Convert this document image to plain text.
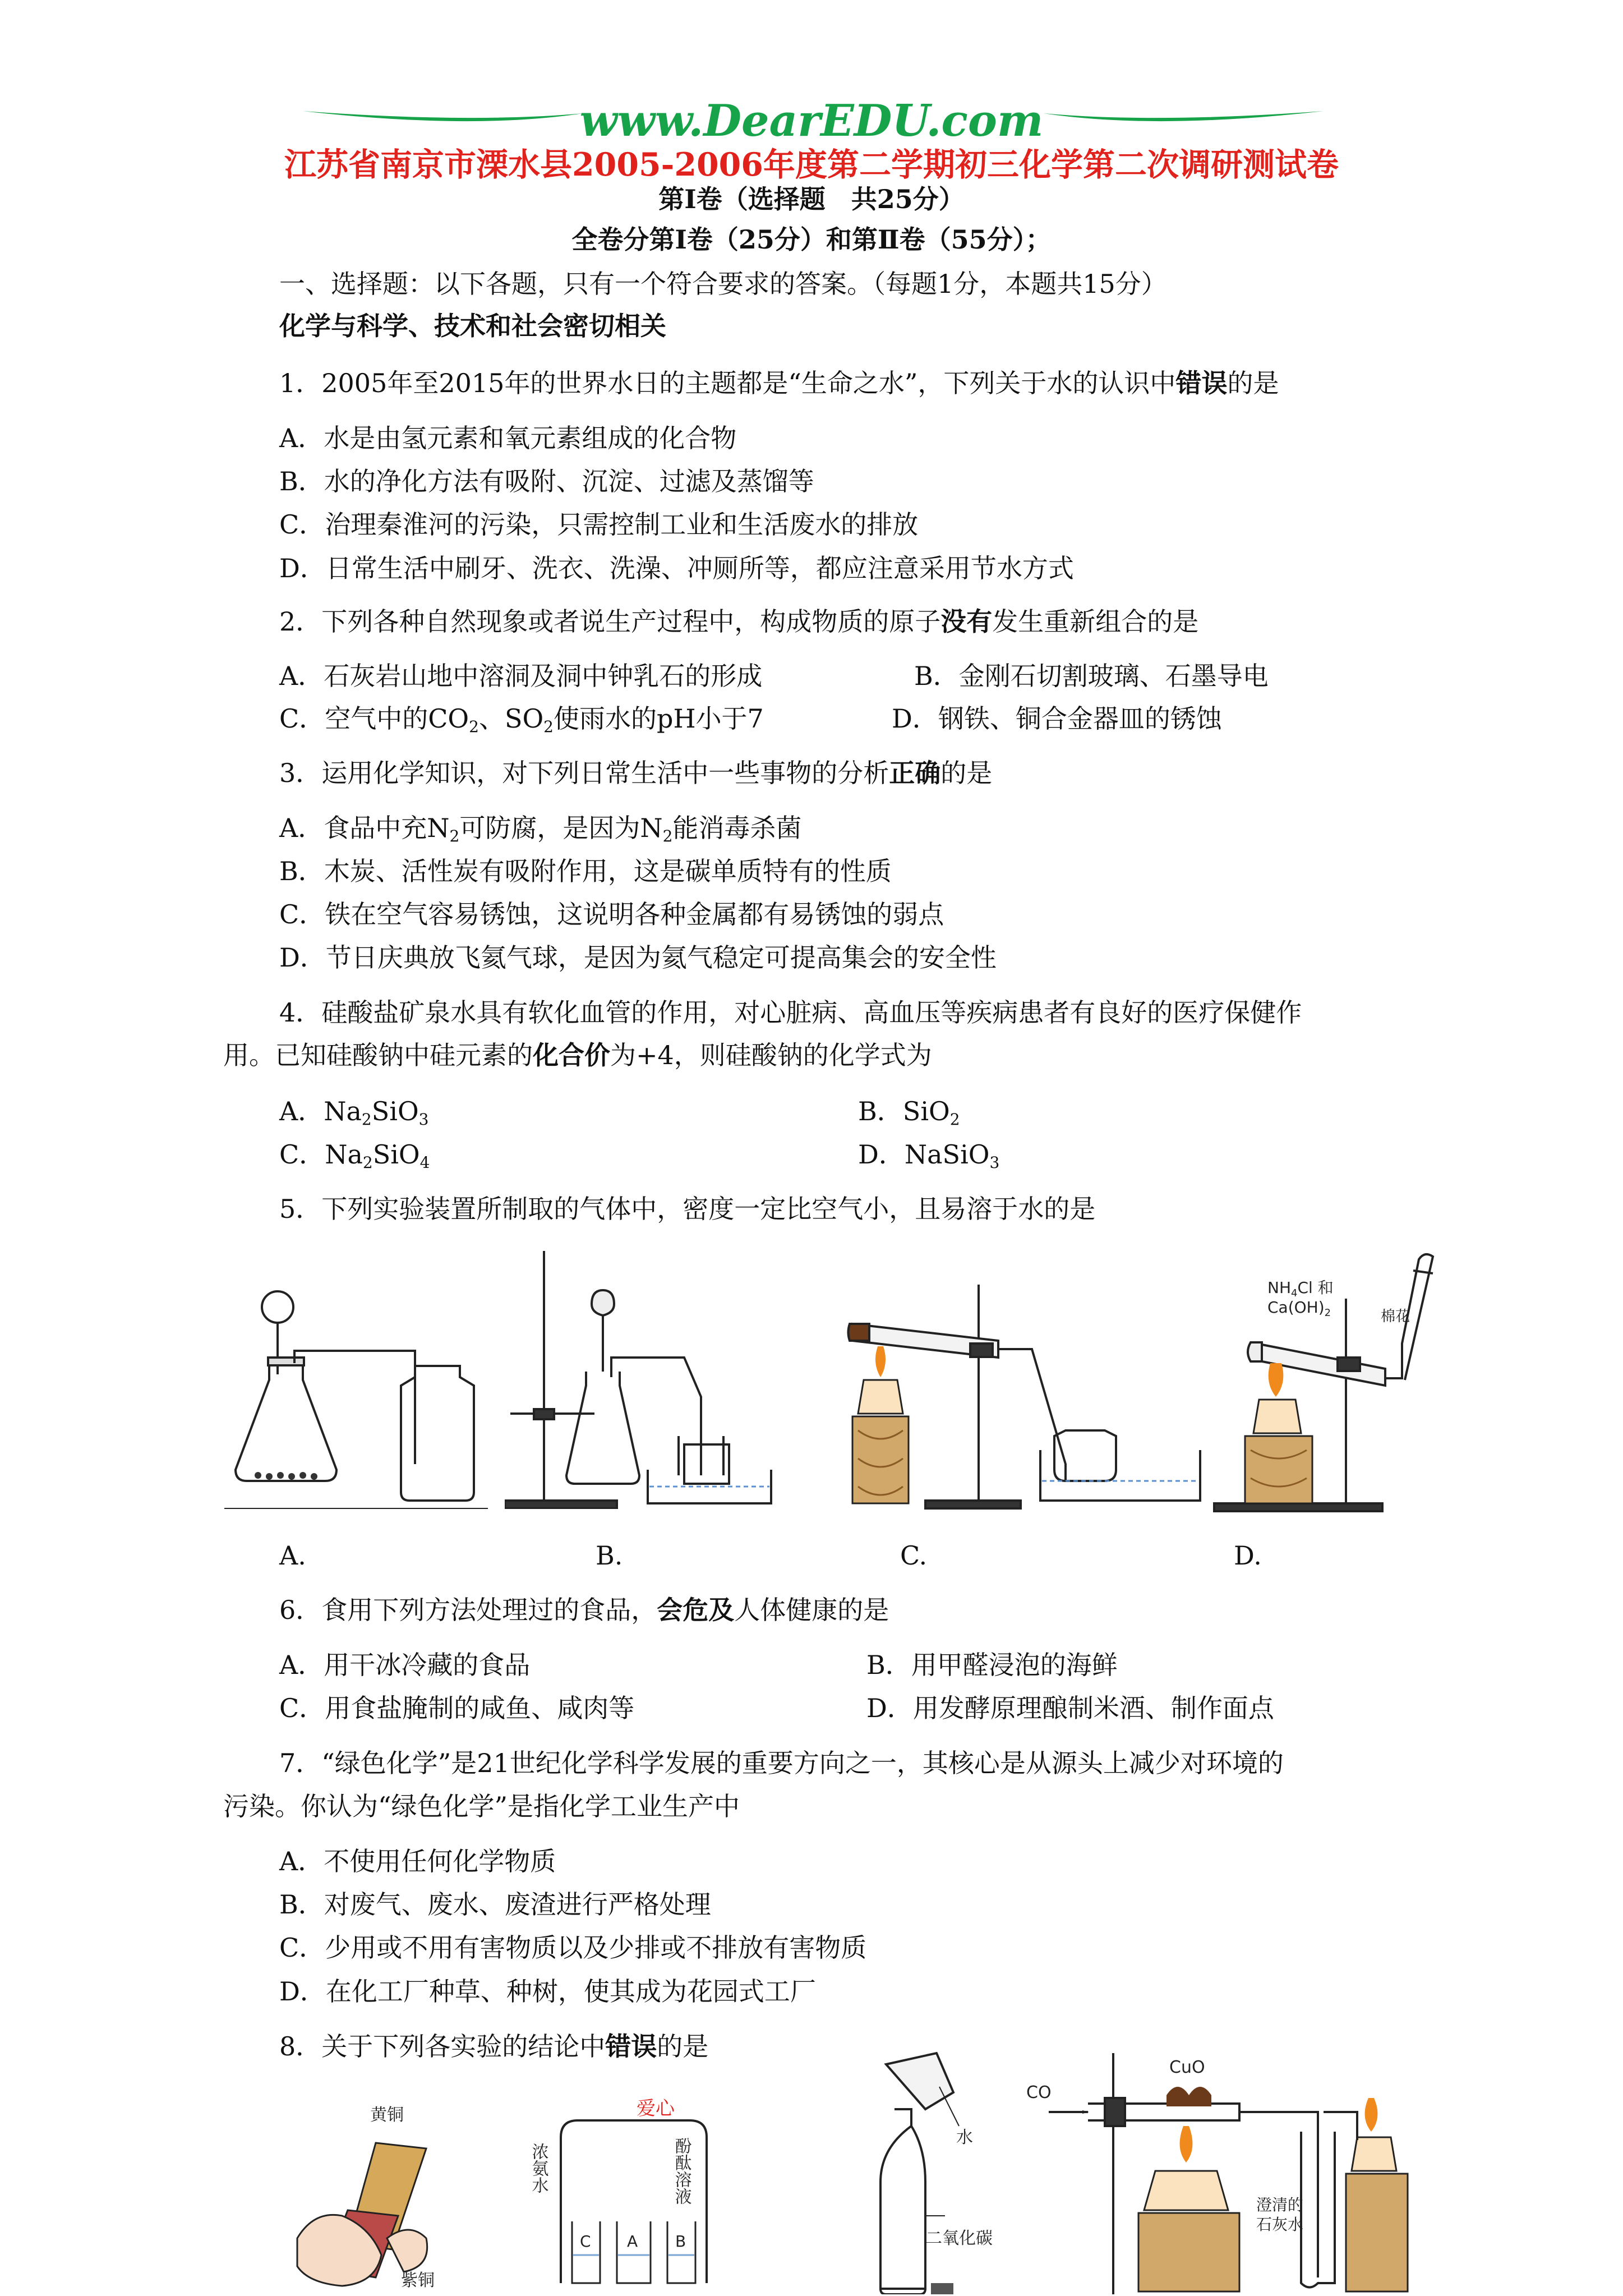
www.DearEDU.com
江苏省南京市溧水县2005-2006年度第二学期初三化学第二次调研测试卷
第Ⅰ卷（选择题　共25分）
全卷分第Ⅰ卷（25分）和第Ⅱ卷（55分）；
一、选择题：以下各题，只有一个符合要求的答案。（每题1分，本题共15分）
化学与科学、技术和社会密切相关
1．2005年至2015年的世界水日的主题都是“生命之水”，下列关于水的认识中错误的是
A．水是由氢元素和氧元素组成的化合物
B．水的净化方法有吸附、沉淀、过滤及蒸馏等
C．治理秦淮河的污染，只需控制工业和生活废水的排放
D．日常生活中刷牙、洗衣、洗澡、冲厕所等，都应注意采用节水方式
2．下列各种自然现象或者说生产过程中，构成物质的原子没有发生重新组合的是
A．石灰岩山地中溶洞及洞中钟乳石的形成	B．金刚石切割玻璃、石墨导电
C．空气中的$CO_2$、$SO_2$使雨水的pH小于7	D．钢铁、铜合金器皿的锈蚀
3．运用化学知识，对下列日常生活中一些事物的分析正确的是
A．食品中充$N_2$可防腐，是因为$N_2$能消毒杀菌
B．木炭、活性炭有吸附作用，这是碳单质特有的性质
C．铁在空气容易锈蚀，这说明各种金属都有易锈蚀的弱点
D．节日庆典放飞氦气球，是因为氦气稳定可提高集会的安全性
4．硅酸盐矿泉水具有软化血管的作用，对心脏病、高血压等疾病患者有良好的医疗保健作
用。已知硅酸钠中硅元素的化合价为+4，则硅酸钠的化学式为
A．$Na_2SiO_3$	B．SiO$_2$
C．$Na_2SiO_4$	D．NaSiO$_3$
5．下列实验装置所制取的气体中，密度一定比空气小，且易溶于水的是
$NH_4Cl$ 和
$Ca(OH)_2$	棉花
A.	B.	C.	D.
6．食用下列方法处理过的食品，会危及人体健康的是
A．用干冰冷藏的食品	B．用甲醛浸泡的海鲜
C．用食盐腌制的咸鱼、咸肉等	D．用发酵原理酿制米酒、制作面点
7．“绿色化学”是21世纪化学科学发展的重要方向之一，其核心是从源头上减少对环境的
污染。你认为“绿色化学”是指化学工业生产中
A．不使用任何化学物质
B．对废气、废水、废渣进行严格处理
C．少用或不用有害物质以及少排或不排放有害物质
D．在化工厂种草、种树，使其成为花园式工厂
8．关于下列各实验的结论中错误的是
黄铜
紫铜
爱心
C A B
浓氨水	酚酞溶液	水
二氧化碳
CO
CuO
澄清的
石灰水
